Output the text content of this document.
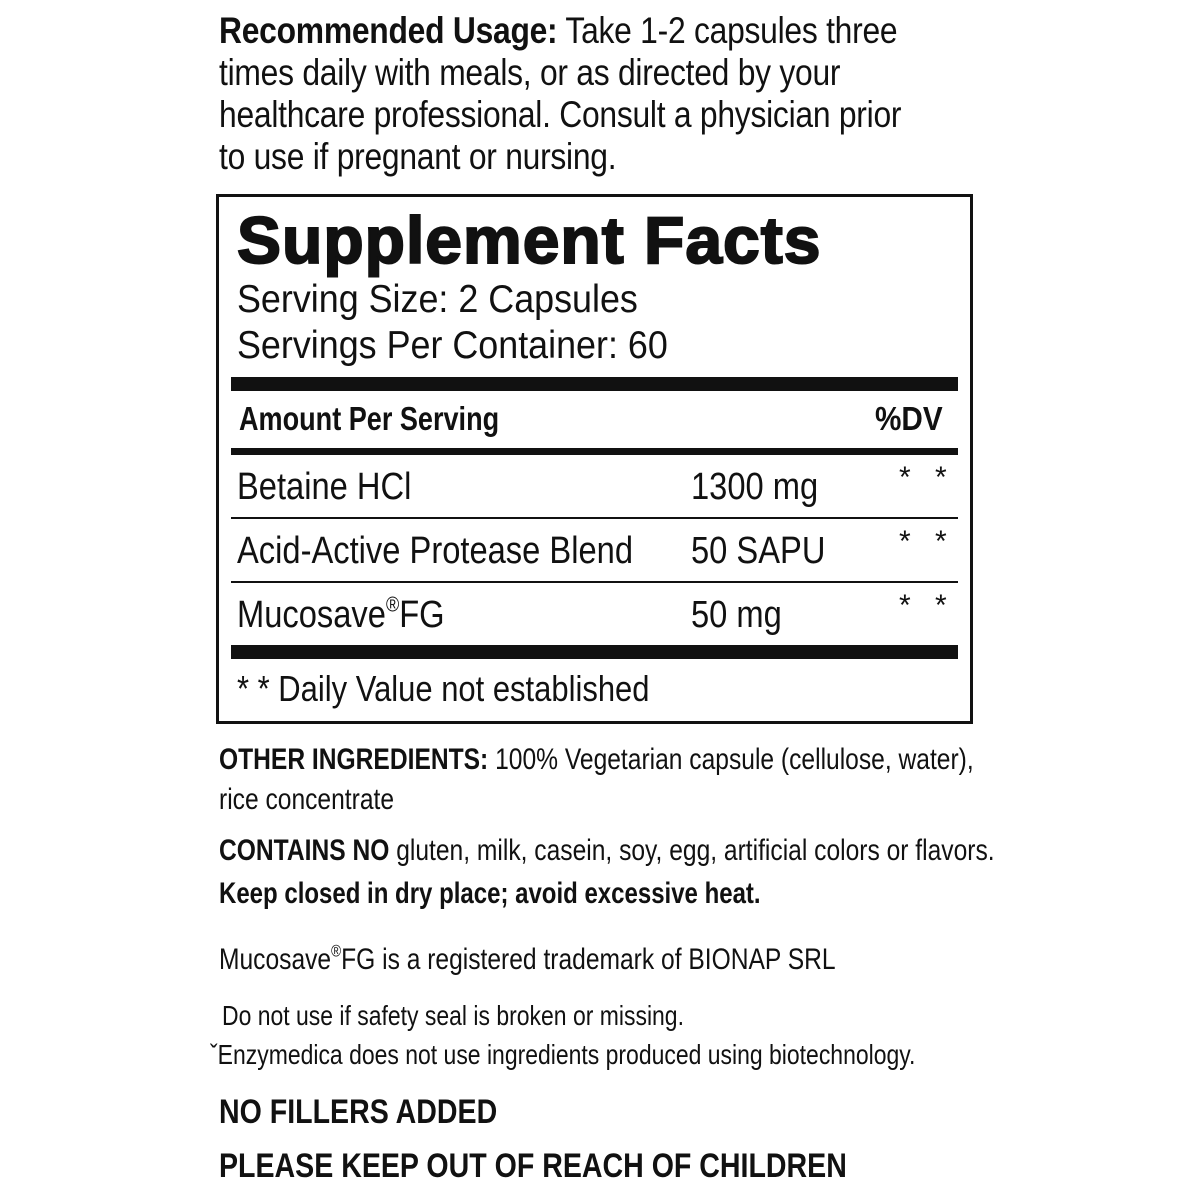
Recommended Usage: Take 1-2 capsules three
times daily with meals, or as directed by your
healthcare professional. Consult a physician prior
to use if pregnant or nursing.
Supplement Facts
Serving Size: 2 Capsules
Servings Per Container: 60
Amount Per Serving	%DV
Betaine HCl	1300 mg	* *
Acid-Active Protease Blend	50 SAPU	* *
Mucosave®FG	50 mg	* *
* * Daily Value not established
OTHER INGREDIENTS: 100% Vegetarian capsule (cellulose, water),
rice concentrate
CONTAINS NO gluten, milk, casein, soy, egg, artificial colors or flavors.
Keep closed in dry place; avoid excessive heat.
Mucosave®FG is a registered trademark of BIONAP SRL
Do not use if safety seal is broken or missing.
ˇEnzymedica does not use ingredients produced using biotechnology.
NO FILLERS ADDED
PLEASE KEEP OUT OF REACH OF CHILDREN
